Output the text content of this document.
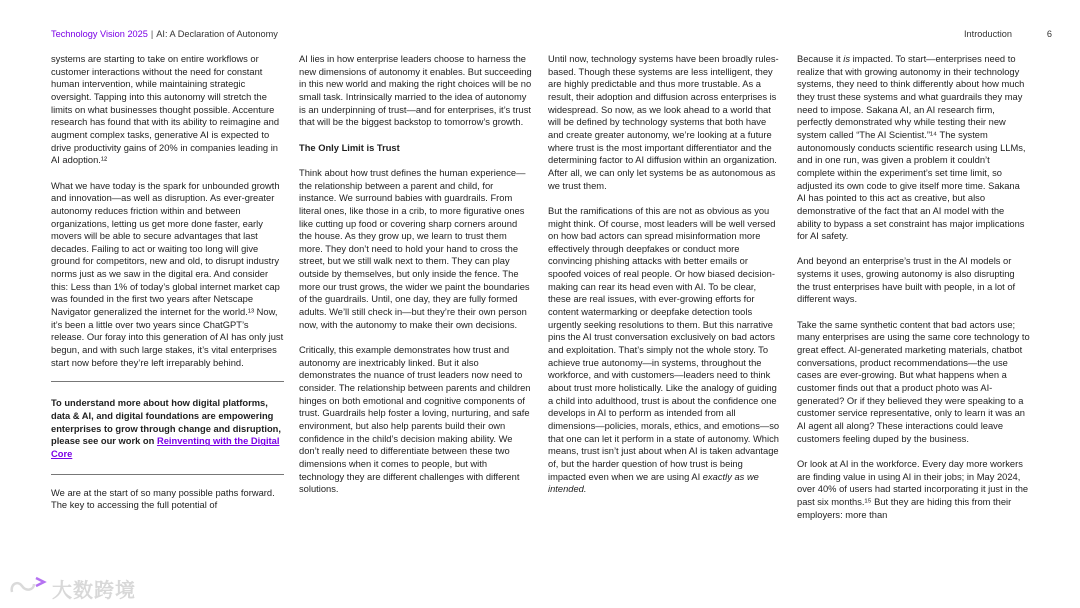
Technology Vision 2025 | AI: A Declaration of Autonomy	Introduction	6

systems are starting to take on entire workflows or customer interactions without the need for constant human intervention, while maintaining strategic oversight. Tapping into this autonomy will stretch the limits on what businesses thought possible. Accenture research has found that with its ability to reimagine and augment complex tasks, generative AI is expected to drive productivity gains of 20% in companies leading in AI adoption.¹²

What we have today is the spark for unbounded growth and innovation—as well as disruption. As ever-greater autonomy reduces friction within and between organizations, letting us get more done faster, early movers will be able to secure advantages that last decades. Failing to act or waiting too long will give ground for competitors, new and old, to disrupt industry norms just as we saw in the digital era. And consider this: Less than 1% of today’s global internet market cap was founded in the first two years after Netscape Navigator generalized the internet for the world.¹³ Now, it’s been a little over two years since ChatGPT’s release. Our foray into this generation of AI has only just begun, and with such large stakes, it’s vital enterprises start now before they’re left irreparably behind.

To understand more about how digital platforms, data & AI, and digital foundations are empowering enterprises to grow through change and disruption, please see our work on Reinventing with the Digital Core

We are at the start of so many possible paths forward. The key to accessing the full potential of

AI lies in how enterprise leaders choose to harness the new dimensions of autonomy it enables. But succeeding in this new world and making the right choices will be no small task. Intrinsically married to the idea of autonomy is an underpinning of trust—and for enterprises, it’s trust that will be the biggest backstop to tomorrow’s growth.

The Only Limit is Trust

Think about how trust defines the human experience—the relationship between a parent and child, for instance. We surround babies with guardrails. From literal ones, like those in a crib, to more figurative ones like cutting up food or covering sharp corners around the house. As they grow up, we learn to trust them more. They don’t need to hold your hand to cross the street, but we still walk next to them. They can play outside by themselves, but only inside the fence. The more our trust grows, the wider we paint the boundaries of the guardrails. Until, one day, they are fully formed adults. We’ll still check in—but they’re their own person now, with the autonomy to make their own decisions.

Critically, this example demonstrates how trust and autonomy are inextricably linked. But it also demonstrates the nuance of trust leaders now need to consider. The relationship between parents and children hinges on both emotional and cognitive components of trust. Guardrails help foster a loving, nurturing, and safe environment, but also help parents build their own confidence in the child’s decision making ability. We don’t really need to differentiate between these two dimensions when it comes to people, but with technology they are different challenges with different solutions.

Until now, technology systems have been broadly rules-based. Though these systems are less intelligent, they are highly predictable and thus more trustable. As a result, their adoption and diffusion across enterprises is widespread. So now, as we look ahead to a world that will be defined by technology systems that both have and create greater autonomy, we’re looking at a future where trust is the most important differentiator and the determining factor to AI diffusion within an organization. After all, we can only let systems be as autonomous as we trust them.

But the ramifications of this are not as obvious as you might think. Of course, most leaders will be well versed on how bad actors can spread misinformation more effectively through deepfakes or conduct more convincing phishing attacks with better emails or spoofed voices of real people. Or how biased decision-making can rear its head even with AI. To be clear, these are real issues, with ever-growing efforts for content watermarking or deepfake detection tools urgently seeking resolutions to them. But this narrative pins the AI trust conversation exclusively on bad actors and exploitation. That’s simply not the whole story. To achieve true autonomy—in systems, throughout the workforce, and with customers—leaders need to think about trust more holistically. Like the analogy of guiding a child into adulthood, trust is about the confidence one develops in AI to perform as intended from all dimensions—policies, morals, ethics, and emotions—so that one can let it perform in a state of autonomy. Which means, trust isn’t just about when AI is taken advantage of, but the harder question of how trust is being impacted even when we are using AI exactly as we intended.

Because it is impacted. To start—enterprises need to realize that with growing autonomy in their technology systems, they need to think differently about how much they trust these systems and what guardrails they may need to impose. Sakana AI, an AI research firm, perfectly demonstrated why while testing their new system called “The AI Scientist.”¹⁴ The system autonomously conducts scientific research using LLMs, and in one run, was given a problem it couldn’t complete within the experiment’s set time limit, so adjusted its own code to give itself more time. Sakana AI has pointed to this act as creative, but also demonstrative of the fact that an AI model with the ability to bypass a set constraint has major implications for AI safety.

And beyond an enterprise’s trust in the AI models or systems it uses, growing autonomy is also disrupting the trust enterprises have built with people, in a lot of different ways.

Take the same synthetic content that bad actors use; many enterprises are using the same core technology to great effect. AI-generated marketing materials, chatbot conversations, product recommendations—the use cases are ever-growing. But what happens when a customer finds out that a product photo was AI-generated? Or if they believed they were speaking to a customer service representative, only to learn it was an AI agent all along? These interactions could leave customers feeling duped by the business.

Or look at AI in the workforce. Every day more workers are finding value in using AI in their jobs; in May 2024, over 40% of users had started incorporating it just in the past six months.¹⁵ But they are hiding this from their employers: more than

大数跨境
